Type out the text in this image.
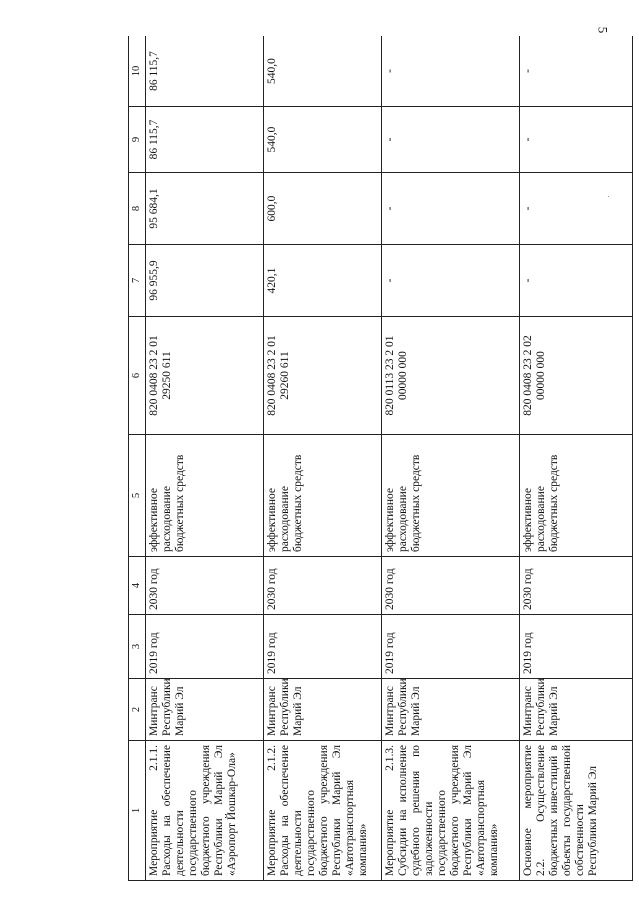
5
1	2	3	4	5	6	7	8	9	10
Мероприятие 2.1.1. Расходы на обеспечение деятельности государственного бюджетного учреждения Республики Марий Эл «Аэропорт Йошкар-Ола»	Минтранс Республики Марий Эл	2019 год	2030 год	эффективное расходование бюджетных средств	820 0408 23 2 01 29250 611	96 955,9	95 684,1	86 115,7	86 115,7
Мероприятие 2.1.2. Расходы на обеспечение деятельности государственного бюджетного учреждения Республики Марий Эл «Автотранспортная компания»	Минтранс Республики Марий Эл	2019 год	2030 год	эффективное расходование бюджетных средств	820 0408 23 2 01 29260 611	420,1	600,0	540,0	540,0
Мероприятие 2.1.3. Субсидии на исполнение судебного решения по задолженности государственного бюджетного учреждения Республики Марий Эл «Автотранспортная компания»	Минтранс Республики Марий Эл	2019 год	2030 год	эффективное расходование бюджетных средств	820 0113 23 2 01 00000 000	-	-	-	-
Основное мероприятие 2.2. Осуществление бюджетных инвестиций в объекты государственной собственности Республики Марий Эл	Минтранс Республики Марий Эл	2019 год	2030 год	эффективное расходование бюджетных средств	820 0408 23 2 02 00000 000	-	-	-	-
